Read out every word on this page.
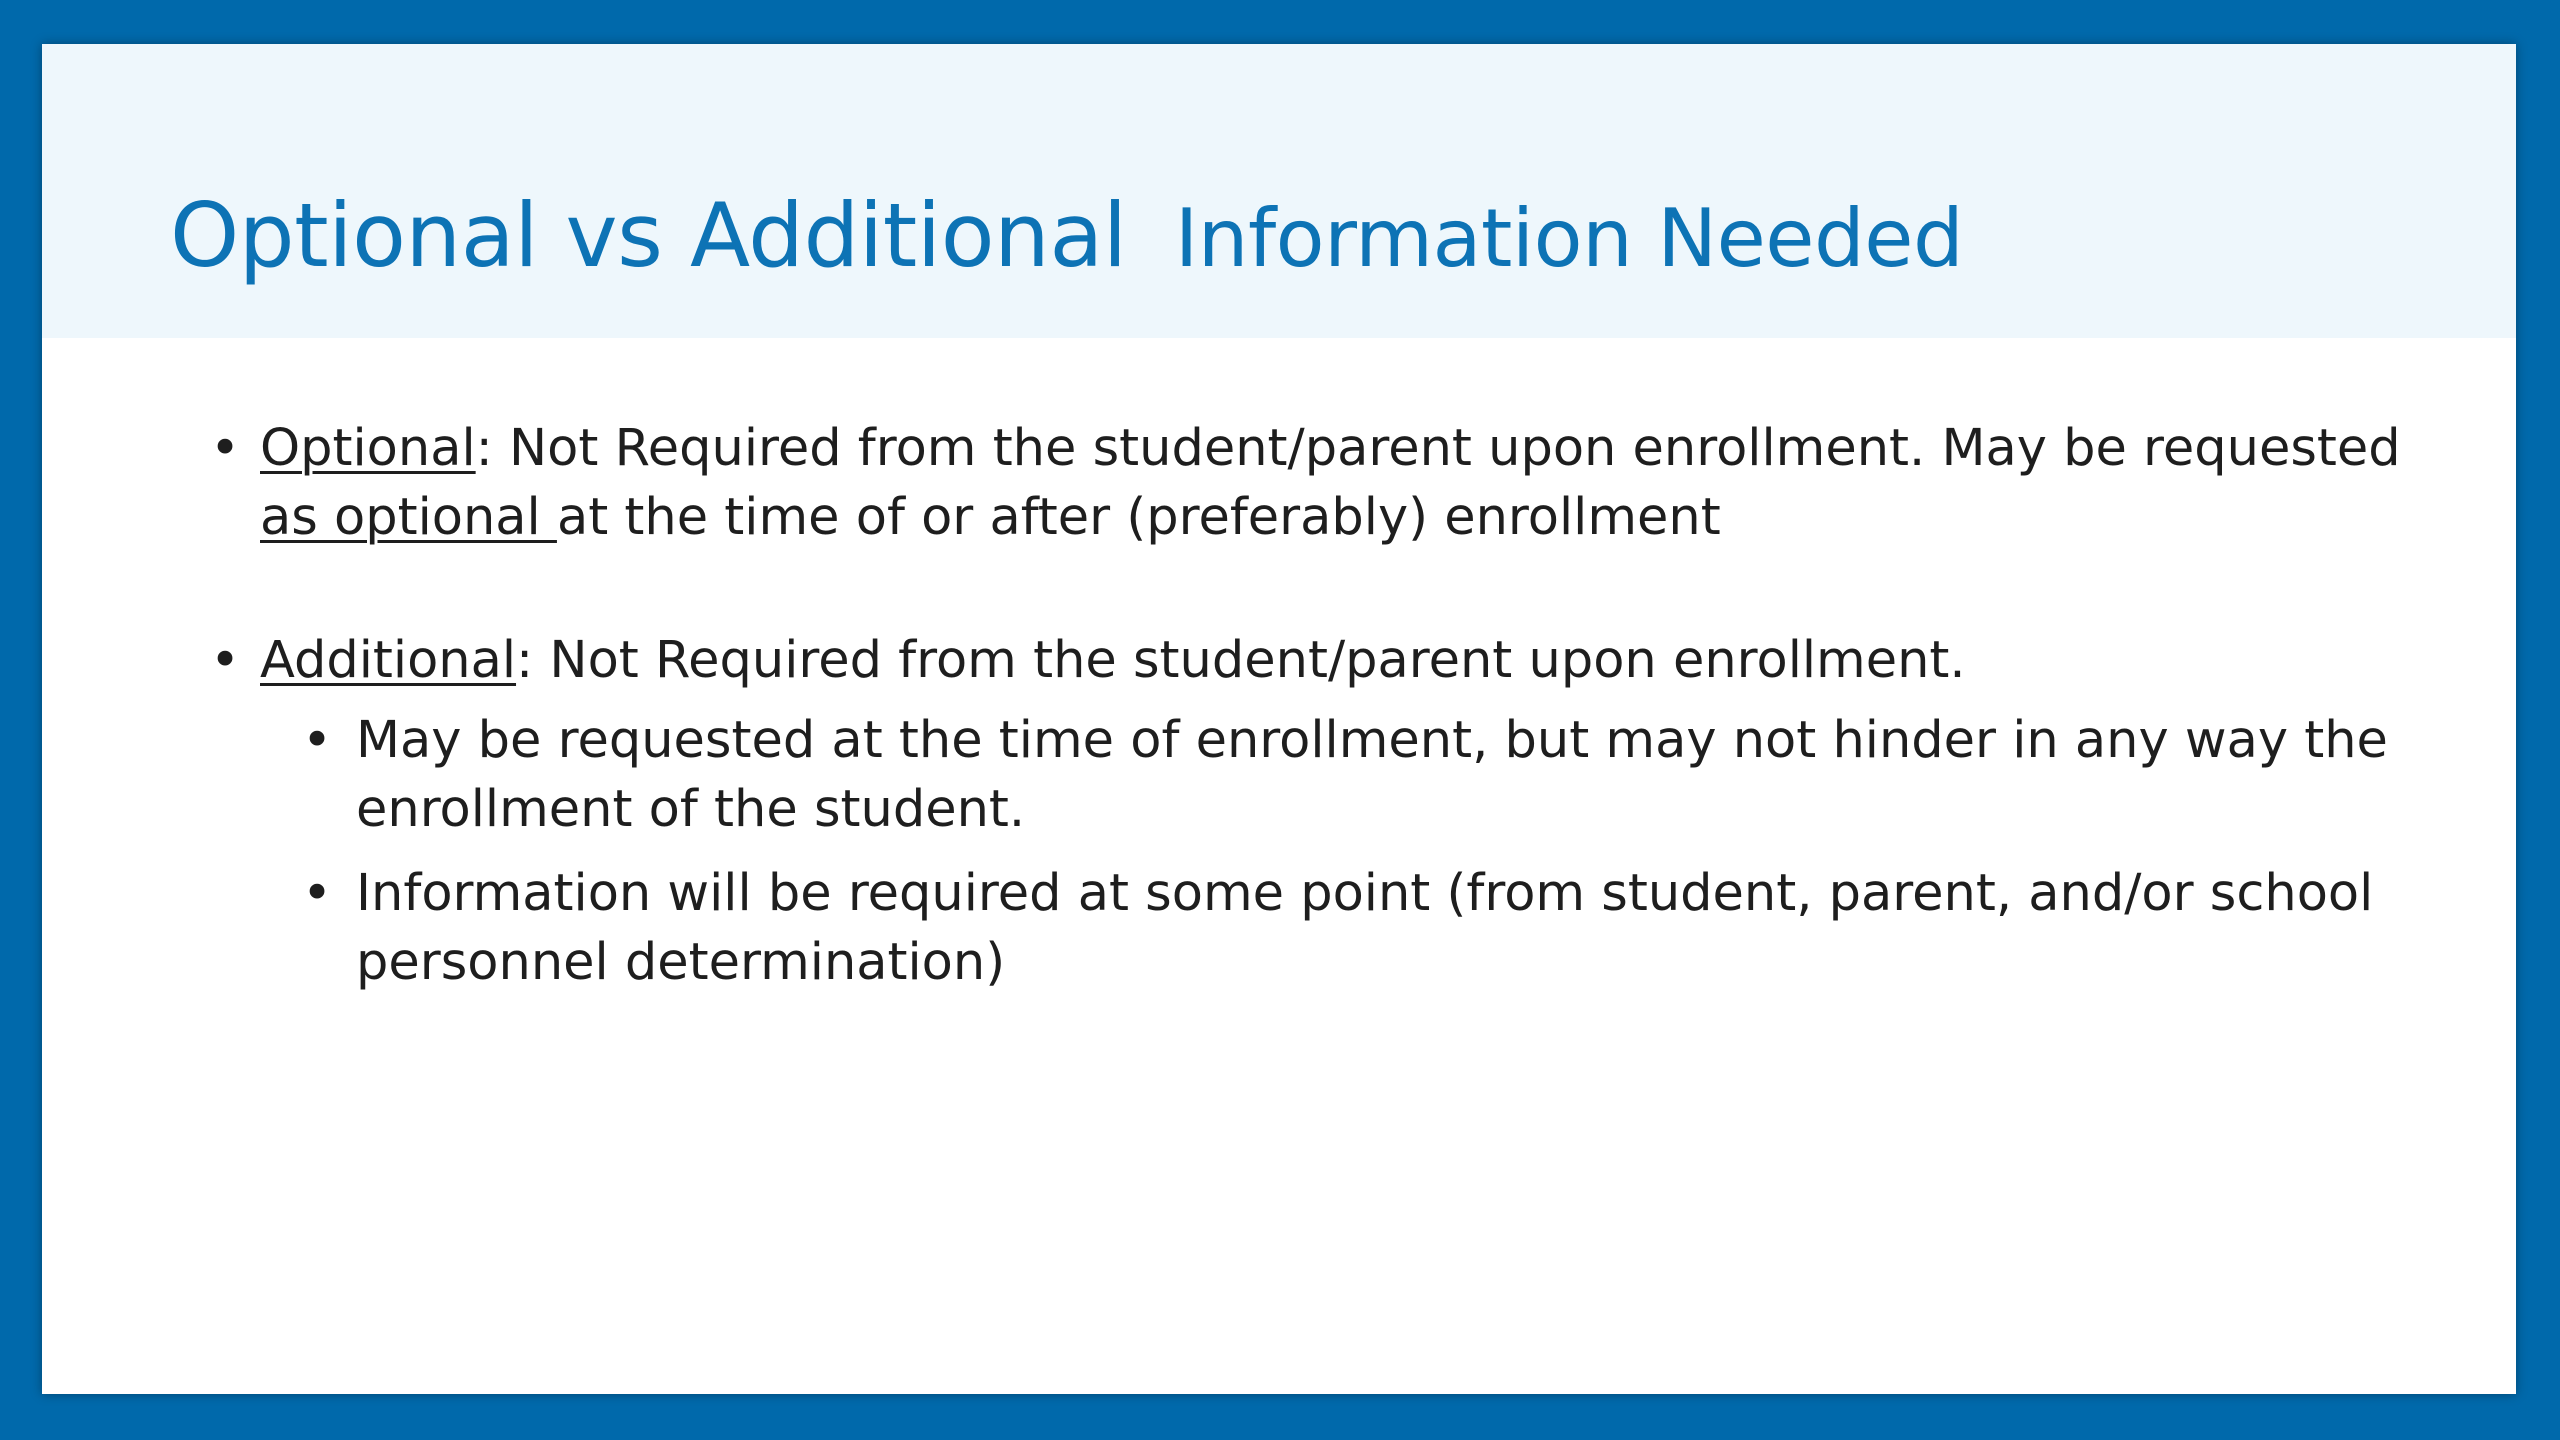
Optional vs Additional Information Needed

• Optional: Not Required from the student/parent upon enrollment. May be requested as optional at the time of or after (preferably) enrollment

• Additional: Not Required from the student/parent upon enrollment.

• May be requested at the time of enrollment, but may not hinder in any way the enrollment of the student.

• Information will be required at some point (from student, parent, and/or school personnel determination)
